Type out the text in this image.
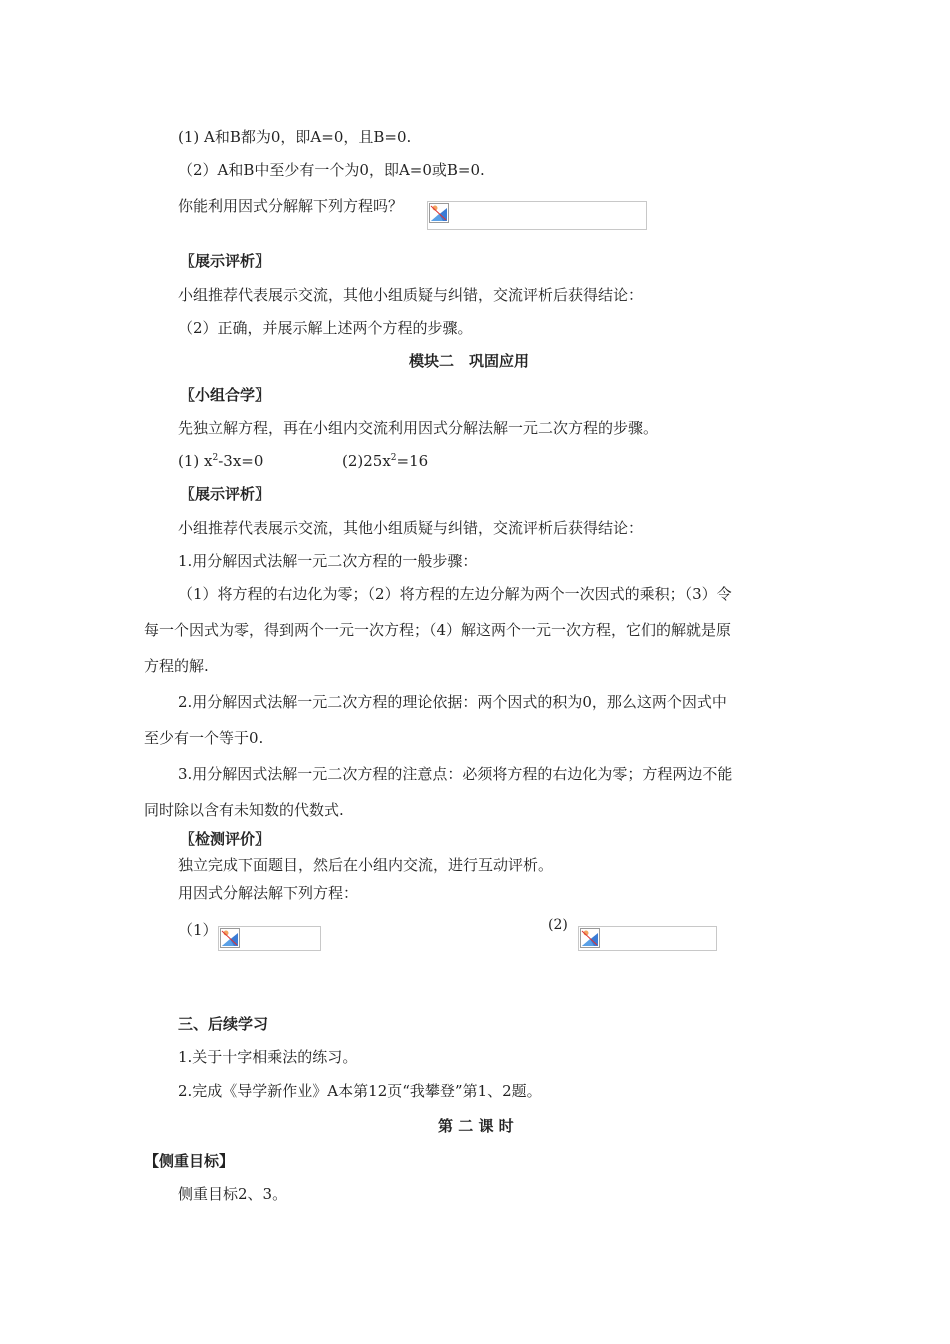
(1) A和B都为0，即A=0，且B=0.
（2）A和B中至少有一个为0，即A=0或B=0.
你能利用因式分解解下列方程吗？
〖展示评析〗
小组推荐代表展示交流，其他小组质疑与纠错，交流评析后获得结论：
（2）正确，并展示解上述两个方程的步骤。
模块二　巩固应用
〖小组合学〗
先独立解方程，再在小组内交流利用因式分解法解一元二次方程的步骤。
(1) $x^2-3x=0$	$(2)25x^2=16$
〖展示评析〗
小组推荐代表展示交流，其他小组质疑与纠错，交流评析后获得结论：
1.用分解因式法解一元二次方程的一般步骤：
（1）将方程的右边化为零；（2）将方程的左边分解为两个一次因式的乘积；（3）令
每一个因式为零，得到两个一元一次方程；（4）解这两个一元一次方程，它们的解就是原
方程的解.
2.用分解因式法解一元二次方程的理论依据：两个因式的积为0，那么这两个因式中
至少有一个等于0.
3.用分解因式法解一元二次方程的注意点：必须将方程的右边化为零；方程两边不能
同时除以含有未知数的代数式.
〖检测评价〗
独立完成下面题目，然后在小组内交流，进行互动评析。
用因式分解法解下列方程：
（1）	(2)
三、后续学习
1.关于十字相乘法的练习。
2.完成《导学新作业》A本第12页“我攀登”第1、2题。
第 二 课 时
【侧重目标】
侧重目标2、3。
